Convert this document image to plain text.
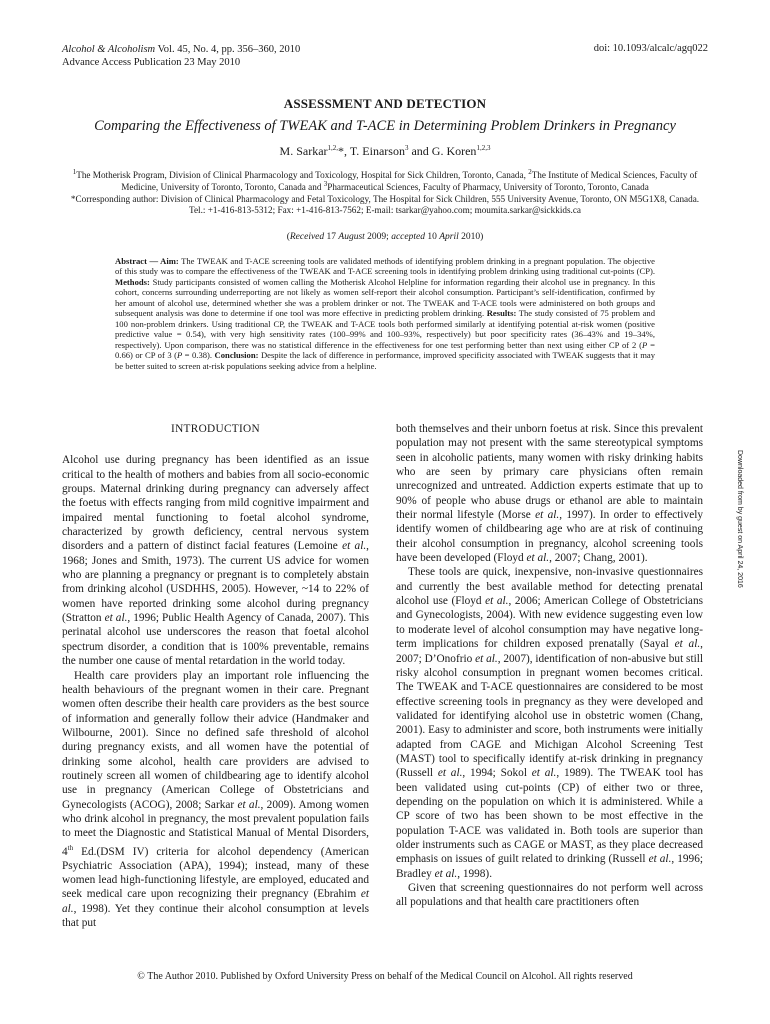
Alcohol & Alcoholism Vol. 45, No. 4, pp. 356–360, 2010
Advance Access Publication 23 May 2010
doi: 10.1093/alcalc/agq022
ASSESSMENT AND DETECTION
Comparing the Effectiveness of TWEAK and T-ACE in Determining Problem Drinkers in Pregnancy
M. Sarkar$^{1,2,}$*, T. Einarson$^3$ and G. Koren$^{1,2,3}$

$^1$The Motherisk Program, Division of Clinical Pharmacology and Toxicology, Hospital for Sick Children, Toronto, Canada, $^2$The Institute of Medical Sciences, Faculty of Medicine, University of Toronto, Toronto, Canada and $^3$Pharmaceutical Sciences, Faculty of Pharmacy, University of Toronto, Toronto, Canada

*Corresponding author: Division of Clinical Pharmacology and Fetal Toxicology, The Hospital for Sick Children, 555 University Avenue, Toronto, ON M5G1X8, Canada. Tel.: +1-416-813-5312; Fax: +1-416-813-7562; E-mail: tsarkar@yahoo.com; moumita.sarkar@sickkids.ca

(Received 17 August 2009; accepted 10 April 2010)
Abstract — Aim: The TWEAK and T-ACE screening tools are validated methods of identifying problem drinking in a pregnant population. The objective of this study was to compare the effectiveness of the TWEAK and T-ACE screening tools in identifying problem drinking using traditional cut-points (CP). Methods: Study participants consisted of women calling the Motherisk Alcohol Helpline for information regarding their alcohol use in pregnancy. In this cohort, concerns surrounding underreporting are not likely as women self-report their alcohol consumption. Participant’s self-identification, confirmed by her amount of alcohol use, determined whether she was a problem drinker or not. The TWEAK and T-ACE tools were administered on both groups and subsequent analysis was done to determine if one tool was more effective in predicting problem drinking. Results: The study consisted of 75 problem and 100 non-problem drinkers. Using traditional CP, the TWEAK and T-ACE tools both performed similarly at identifying potential at-risk women (positive predictive value = 0.54), with very high sensitivity rates (100–99% and 100–93%, respectively) but poor specificity rates (36–43% and 19–34%, respectively). Upon comparison, there was no statistical difference in the effectiveness for one test performing better than next using either CP of 2 (P = 0.66) or CP of 3 (P = 0.38). Conclusion: Despite the lack of difference in performance, improved specificity associated with TWEAK suggests that it may be better suited to screen at-risk populations seeking advice from a helpline.
INTRODUCTION

Alcohol use during pregnancy has been identified as an issue critical to the health of mothers and babies from all socio-economic groups. Maternal drinking during pregnancy can adversely affect the foetus with effects ranging from mild cognitive impairment and impaired mental functioning to foetal alcohol syndrome, characterized by growth deficiency, central nervous system disorders and a pattern of distinct facial features (Lemoine et al., 1968; Jones and Smith, 1973). The current US advice for women who are planning a pregnancy or pregnant is to completely abstain from drinking alcohol (USDHHS, 2005). However, ~14 to 22% of women have reported drinking some alcohol during pregnancy (Stratton et al., 1996; Public Health Agency of Canada, 2007). This perinatal alcohol use underscores the reason that foetal alcohol spectrum disorder, a condition that is 100% preventable, remains the number one cause of mental retardation in the world today.

Health care providers play an important role influencing the health behaviours of the pregnant women in their care. Pregnant women often describe their health care providers as the best source of information and generally follow their advice (Handmaker and Wilbourne, 2001). Since no defined safe threshold of alcohol during pregnancy exists, and all women have the potential of drinking some alcohol, health care providers are advised to routinely screen all women of childbearing age to identify alcohol use in pregnancy (American College of Obstetricians and Gynecologists (ACOG), 2008; Sarkar et al., 2009). Among women who drink alcohol in pregnancy, the most prevalent population fails to meet the Diagnostic and Statistical Manual of Mental Disorders, 4th Ed.(DSM IV) criteria for alcohol dependency (American Psychiatric Association (APA), 1994); instead, many of these women lead high-functioning lifestyle, are employed, educated and seek medical care upon recognizing their pregnancy (Ebrahim et al., 1998). Yet they continue their alcohol consumption at levels that put

both themselves and their unborn foetus at risk. Since this prevalent population may not present with the same stereotypical symptoms seen in alcoholic patients, many women with risky drinking habits who are seen by primary care physicians often remain unrecognized and untreated. Addiction experts estimate that up to 90% of people who abuse drugs or ethanol are able to maintain their normal lifestyle (Morse et al., 1997). In order to effectively identify women of childbearing age who are at risk of continuing their alcohol consumption in pregnancy, alcohol screening tools have been developed (Floyd et al., 2007; Chang, 2001).

These tools are quick, inexpensive, non-invasive questionnaires and currently the best available method for detecting prenatal alcohol use (Floyd et al., 2006; American College of Obstetricians and Gynecologists, 2004). With new evidence suggesting even low to moderate level of alcohol consumption may have negative long-term implications for children exposed prenatally (Sayal et al., 2007; D’Onofrio et al., 2007), identification of non-abusive but still risky alcohol consumption in pregnant women becomes critical. The TWEAK and T-ACE questionnaires are considered to be most effective screening tools in pregnancy as they were developed and validated for identifying alcohol use in obstetric women (Chang, 2001). Easy to administer and score, both instruments were initially adapted from CAGE and Michigan Alcohol Screening Test (MAST) tool to specifically identify at-risk drinking in pregnancy (Russell et al., 1994; Sokol et al., 1989). The TWEAK tool has been validated using cut-points (CP) of either two or three, depending on the population on which it is administered. While a CP score of two has been shown to be most effective in the population T-ACE was validated in. Both tools are superior than older instruments such as CAGE or MAST, as they place decreased emphasis on issues of guilt related to drinking (Russell et al., 1996; Bradley et al., 1998).

Given that screening questionnaires do not perform well across all populations and that health care practitioners often

Downloaded from by guest on April 24, 2016
© The Author 2010. Published by Oxford University Press on behalf of the Medical Council on Alcohol. All rights reserved
